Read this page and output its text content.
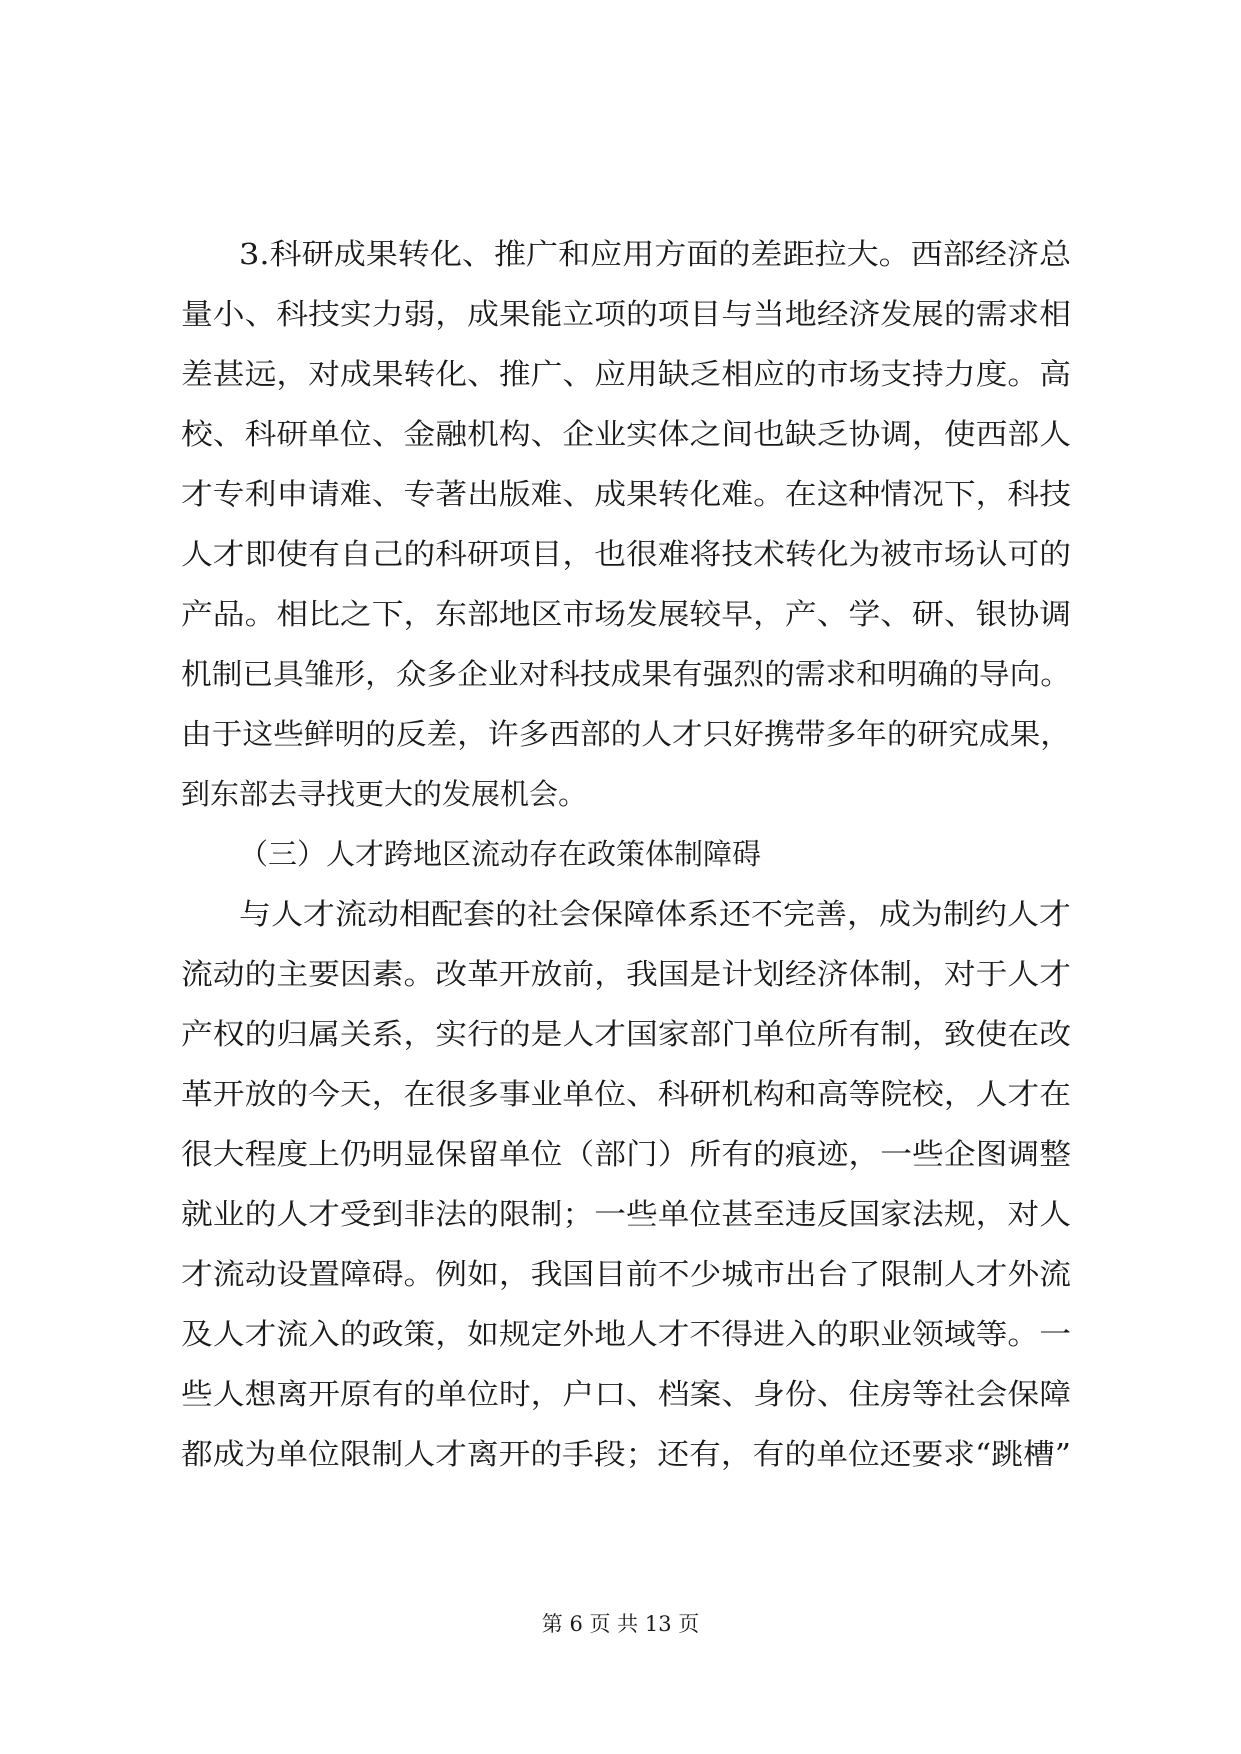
3.科研成果转化、推广和应用方面的差距拉大。西部经济总
量小、科技实力弱，成果能立项的项目与当地经济发展的需求相
差甚远，对成果转化、推广、应用缺乏相应的市场支持力度。高
校、科研单位、金融机构、企业实体之间也缺乏协调，使西部人
才专利申请难、专著出版难、成果转化难。在这种情况下，科技
人才即使有自己的科研项目，也很难将技术转化为被市场认可的
产品。相比之下，东部地区市场发展较早，产、学、研、银协调
机制已具雏形，众多企业对科技成果有强烈的需求和明确的导向。
由于这些鲜明的反差，许多西部的人才只好携带多年的研究成果，
到东部去寻找更大的发展机会。
（三）人才跨地区流动存在政策体制障碍
与人才流动相配套的社会保障体系还不完善，成为制约人才
流动的主要因素。改革开放前，我国是计划经济体制，对于人才
产权的归属关系，实行的是人才国家部门单位所有制，致使在改
革开放的今天，在很多事业单位、科研机构和高等院校，人才在
很大程度上仍明显保留单位（部门）所有的痕迹，一些企图调整
就业的人才受到非法的限制；一些单位甚至违反国家法规，对人
才流动设置障碍。例如，我国目前不少城市出台了限制人才外流
及人才流入的政策，如规定外地人才不得进入的职业领域等。一
些人想离开原有的单位时，户口、档案、身份、住房等社会保障
都成为单位限制人才离开的手段；还有，有的单位还要求“跳槽”
第 6 页 共 13 页
